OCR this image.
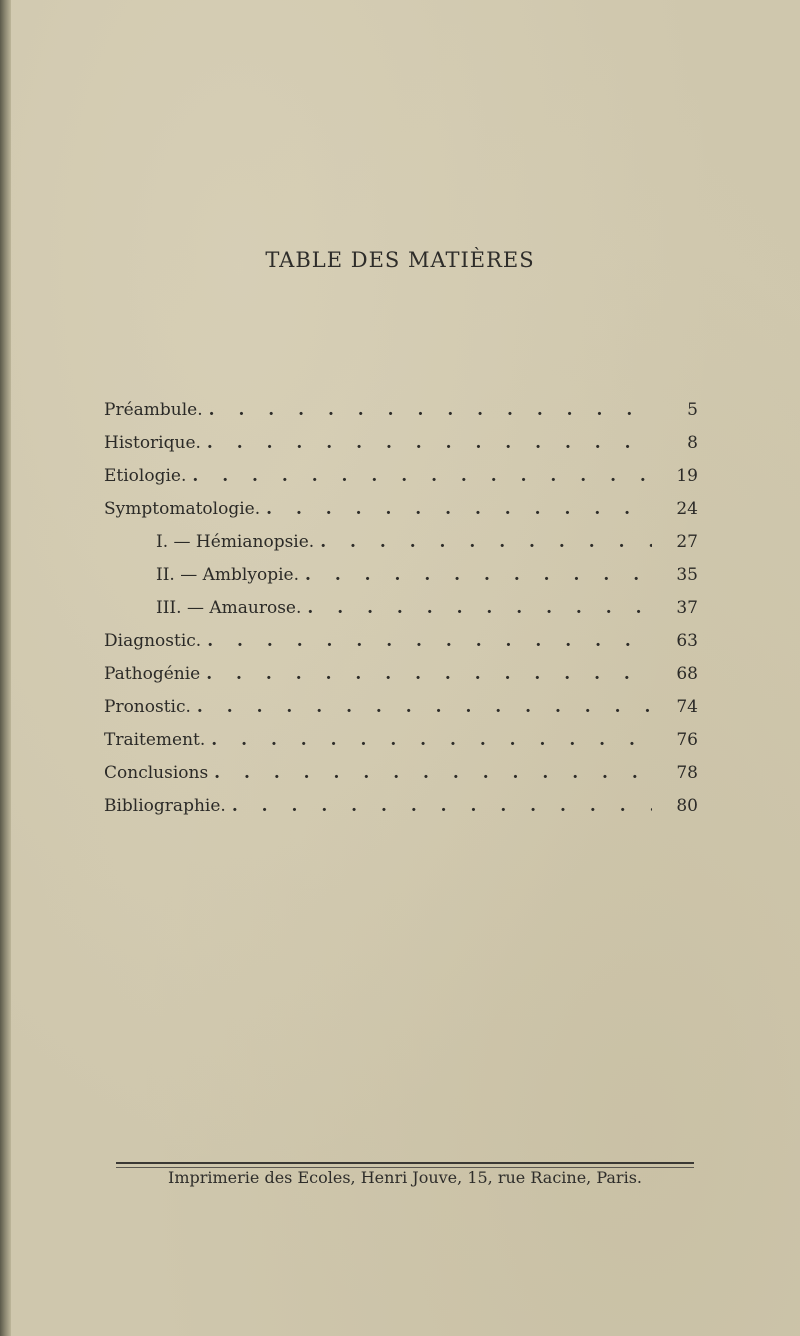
TABLE DES MATIÈRES
Préambule. . . .	5
Historique. . . .	8
Etiologie. . . .	19
Symptomatologie. . . .	24
I. — Hémianopsie. . . .	27
II. — Amblyopie. . . .	35
III. — Amaurose. . . .	37
Diagnostic. . . .	63
Pathogénie . . .	68
Pronostic. . . .	74
Traitement. . . .	76
Conclusions . . .	78
Bibliographie. . . .	80
Imprimerie des Ecoles, Henri Jouve, 15, rue Racine, Paris.
